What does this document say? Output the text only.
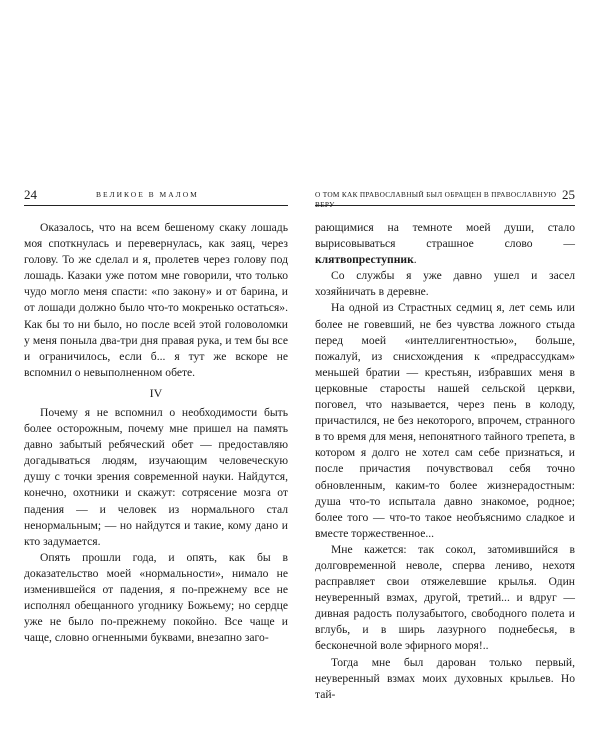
24	ВЕЛИКОЕ В МАЛОМ

Оказалось, что на всем бешеному скаку лошадь моя споткнулась и перевернулась, как заяц, через голову. То же сделал и я, пролетев через голову под лошадь. Казаки уже потом мне говорили, что только чудо могло меня спасти: «по закону» и от барина, и от лошади должно было что-то мокренько остаться». Как бы то ни было, но после всей этой головоломки у меня поныла два-три дня правая рука, и тем бы все и ограничилось, если б... я тут же вскоре не вспомнил о невыполненном обете.

IV

Почему я не вспомнил о необходимости быть более осторожным, почему мне пришел на память давно забытый ребяческий обет — предоставляю догадываться людям, изучающим человеческую душу с точки зрения современной науки. Найдутся, конечно, охотники и скажут: сотрясение мозга от падения — и человек из нормального стал ненормальным; — но найдутся и такие, кому дано и кто задумается.

Опять прошли года, и опять, как бы в доказательство моей «нормальности», нимало не изменившейся от падения, я по-прежнему все не исполнял обещанного угоднику Божьему; но сердце уже не было по-прежнему покойно. Все чаще и чаще, словно огненными буквами, внезапно заго-

О ТОМ КАК ПРАВОСЛАВНЫЙ БЫЛ ОБРАЩЕН В ПРАВОСЛАВНУЮ ВЕРУ
25

рающимися на темноте моей души, стало вырисовываться страшное слово — клятвопреступник.

Со службы я уже давно ушел и засел хозяйничать в деревне.

На одной из Страстных седмиц я, лет семь или более не говевший, не без чувства ложного стыда перед моей «интеллигентностью», больше, пожалуй, из снисхождения к «предрассудкам» меньшей братии — крестьян, избравших меня в церковные старосты нашей сельской церкви, поговел, что называется, через пень в колоду, причастился, не без некоторого, впрочем, странного в то время для меня, непонятного тайного трепета, в котором я долго не хотел сам себе признаться, и после причастия почувствовал себя точно обновленным, каким-то более жизнерадостным: душа что-то испытала давно знакомое, родное; более того — что-то такое необъяснимо сладкое и вместе торжественное...

Мне кажется: так сокол, затомившийся в долговременной неволе, сперва лениво, нехотя расправляет свои отяжелевшие крылья. Один неуверенный взмах, другой, третий... и вдруг — дивная радость полузабытого, свободного полета и вглубь, и в ширь лазурного поднебесья, в бесконечной воле эфирного моря!..

Тогда мне был дарован только первый, неуверенный взмах моих духовных крыльев. Но тай-
